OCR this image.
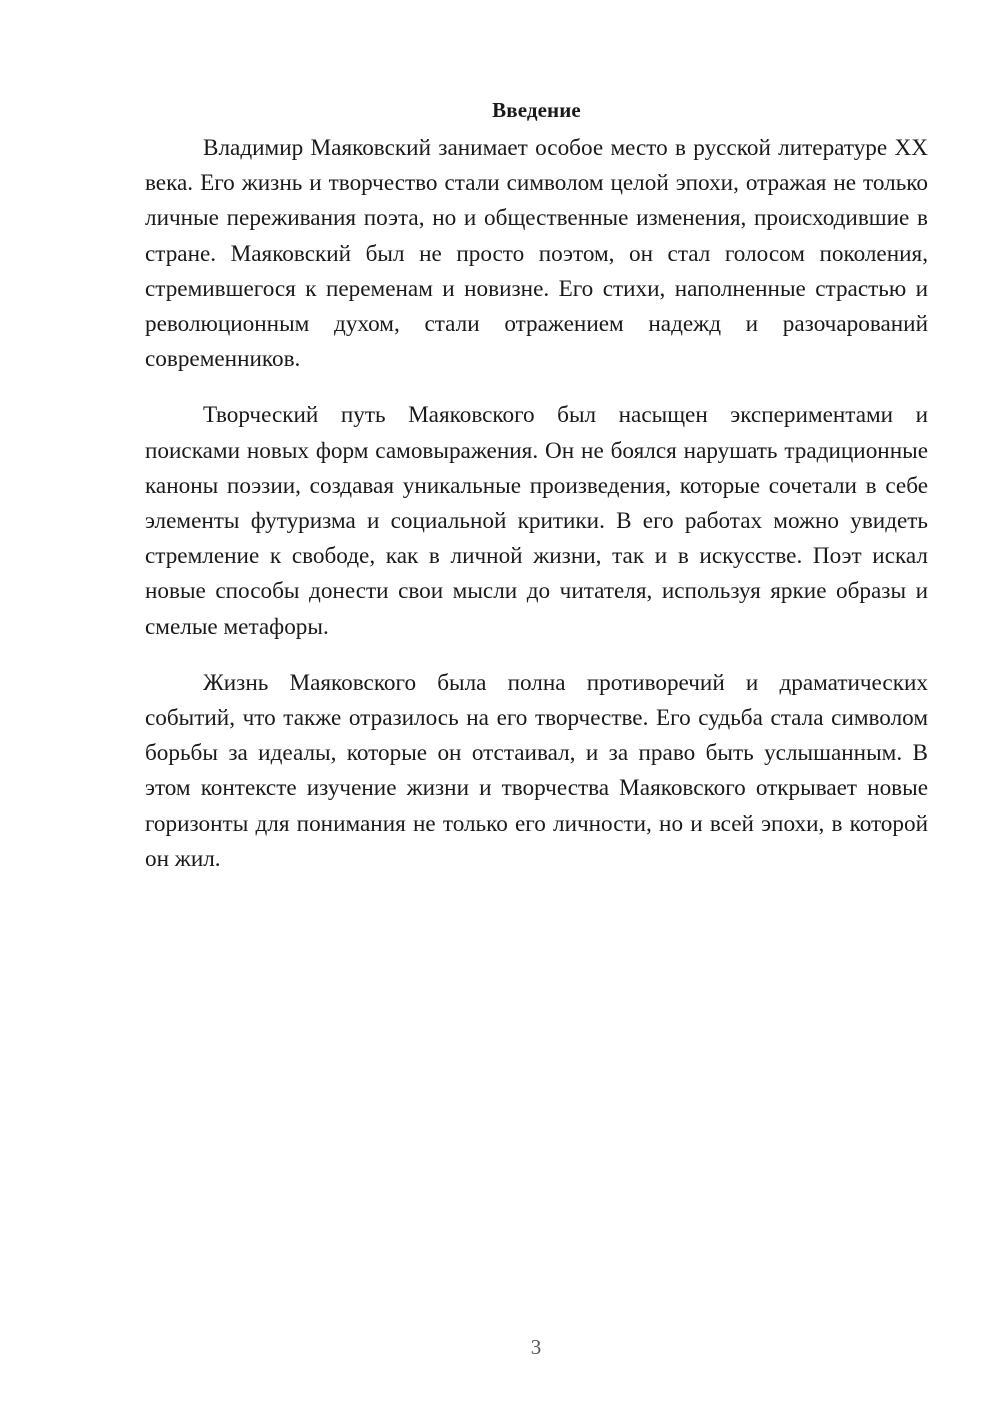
Введение

Владимир Маяковский занимает особое место в русской литературе XX века. Его жизнь и творчество стали символом целой эпохи, отражая не только личные переживания поэта, но и общественные изменения, происходившие в стране. Маяковский был не просто поэтом, он стал голосом поколения, стремившегося к переменам и новизне. Его стихи, наполненные страстью и революционным духом, стали отражением надежд и разочарований современников.

Творческий путь Маяковского был насыщен экспериментами и поисками новых форм самовыражения. Он не боялся нарушать традиционные каноны поэзии, создавая уникальные произведения, которые сочетали в себе элементы футуризма и социальной критики. В его работах можно увидеть стремление к свободе, как в личной жизни, так и в искусстве. Поэт искал новые способы донести свои мысли до читателя, используя яркие образы и смелые метафоры.

Жизнь Маяковского была полна противоречий и драматических событий, что также отразилось на его творчестве. Его судьба стала символом борьбы за идеалы, которые он отстаивал, и за право быть услышанным. В этом контексте изучение жизни и творчества Маяковского открывает новые горизонты для понимания не только его личности, но и всей эпохи, в которой он жил.

3
